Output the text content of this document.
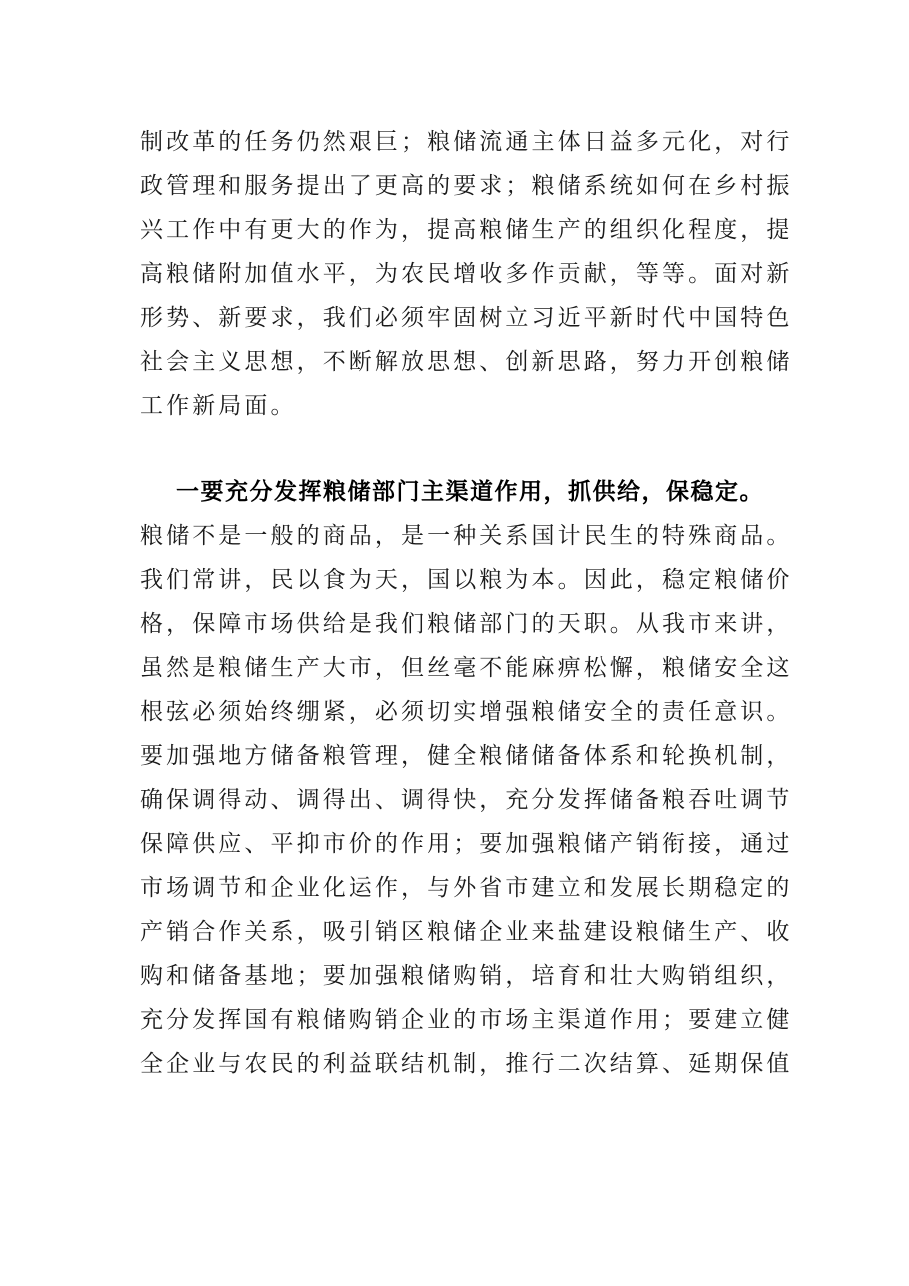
制改革的任务仍然艰巨；粮储流通主体日益多元化，对行
政管理和服务提出了更高的要求；粮储系统如何在乡村振
兴工作中有更大的作为，提高粮储生产的组织化程度，提
高粮储附加值水平，为农民增收多作贡献，等等。面对新
形势、新要求，我们必须牢固树立习近平新时代中国特色
社会主义思想，不断解放思想、创新思路，努力开创粮储
工作新局面。
一要充分发挥粮储部门主渠道作用，抓供给，保稳定。
粮储不是一般的商品，是一种关系国计民生的特殊商品。
我们常讲，民以食为天，国以粮为本。因此，稳定粮储价
格，保障市场供给是我们粮储部门的天职。从我市来讲，
虽然是粮储生产大市，但丝毫不能麻痹松懈，粮储安全这
根弦必须始终绷紧，必须切实增强粮储安全的责任意识。
要加强地方储备粮管理，健全粮储储备体系和轮换机制，
确保调得动、调得出、调得快，充分发挥储备粮吞吐调节
保障供应、平抑市价的作用；要加强粮储产销衔接，通过
市场调节和企业化运作，与外省市建立和发展长期稳定的
产销合作关系，吸引销区粮储企业来盐建设粮储生产、收
购和储备基地；要加强粮储购销，培育和壮大购销组织，
充分发挥国有粮储购销企业的市场主渠道作用；要建立健
全企业与农民的利益联结机制，推行二次结算、延期保值
